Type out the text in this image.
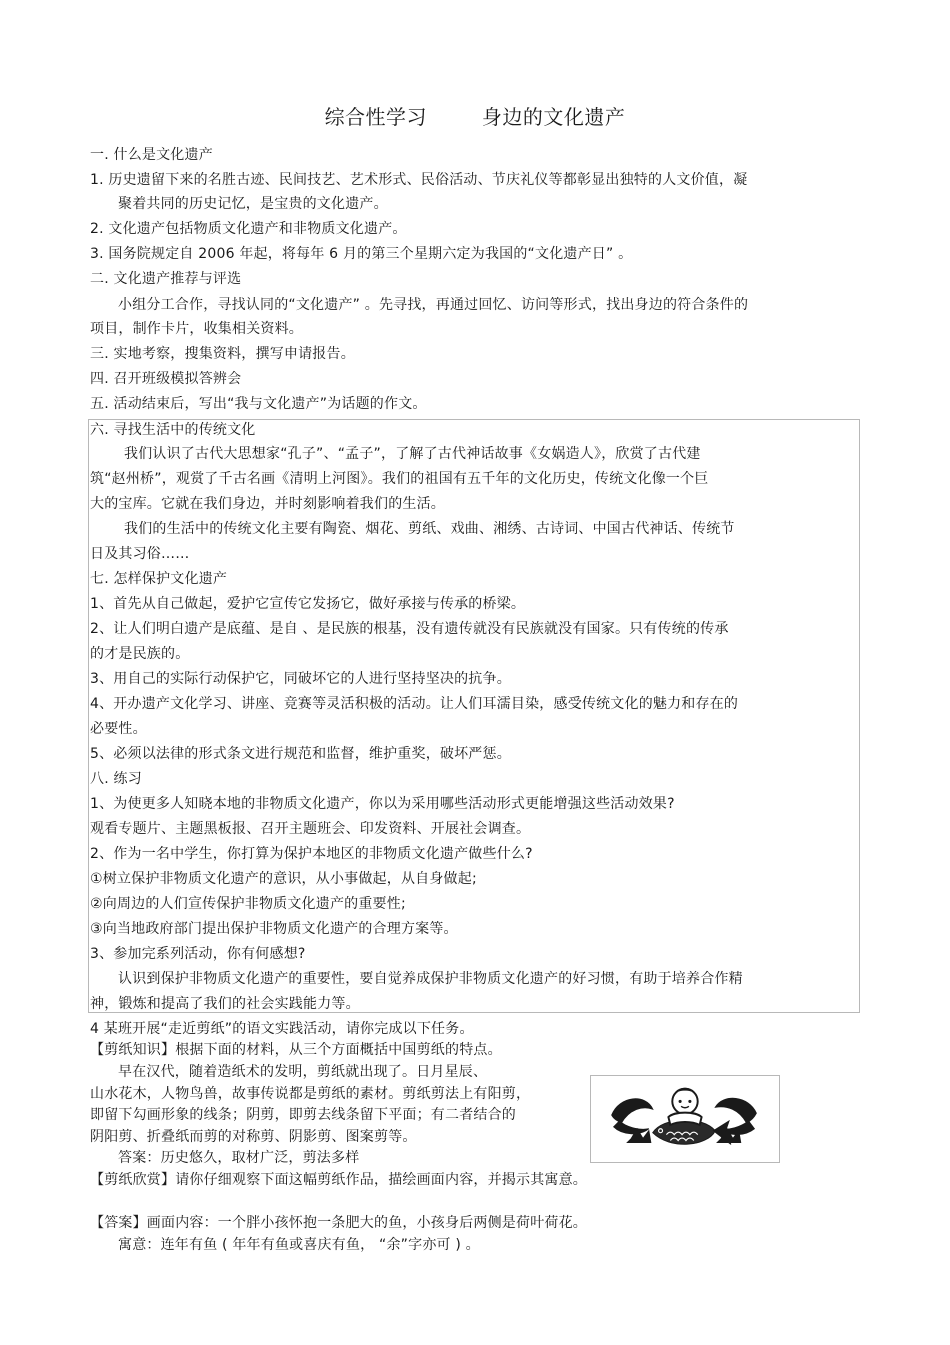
综合性学习        身边的文化遗产
一. 什么是文化遗产
1. 历史遗留下来的名胜古迹、民间技艺、艺术形式、民俗活动、节庆礼仪等都彰显出独特的人文价值，凝
聚着共同的历史记忆，是宝贵的文化遗产。
2. 文化遗产包括物质文化遗产和非物质文化遗产。
3. 国务院规定自 2006 年起，将每年 6 月的第三个星期六定为我国的“文化遗产日” 。
二. 文化遗产推荐与评选
小组分工合作，寻找认同的“文化遗产” 。先寻找，再通过回忆、访问等形式，找出身边的符合条件的
项目，制作卡片，收集相关资料。
三. 实地考察，搜集资料，撰写申请报告。
四. 召开班级模拟答辨会
五. 活动结束后，写出“我与文化遗产”为话题的作文。
六. 寻找生活中的传统文化
我们认识了古代大思想家“孔子”、“孟子”，了解了古代神话故事《女娲造人》，欣赏了古代建
筑“赵州桥”，观赏了千古名画《清明上河图》。我们的祖国有五千年的文化历史，传统文化像一个巨
大的宝库。它就在我们身边，并时刻影响着我们的生活。
我们的生活中的传统文化主要有陶瓷、烟花、剪纸、戏曲、湘绣、古诗词、中国古代神话、传统节
日及其习俗……
七. 怎样保护文化遗产
1、首先从自己做起，爱护它宣传它发扬它，做好承接与传承的桥梁。
2、让人们明白遗产是底蕴、是自 、是民族的根基，没有遗传就没有民族就没有国家。只有传统的传承
的才是民族的。
3、用自己的实际行动保护它，同破坏它的人进行坚持坚决的抗争。
4、开办遗产文化学习、讲座、竞赛等灵活积极的活动。让人们耳濡目染，感受传统文化的魅力和存在的
必要性。
5、必须以法律的形式条文进行规范和监督，维护重奖，破坏严惩。
八. 练习
1、为使更多人知晓本地的非物质文化遗产，你以为采用哪些活动形式更能增强这些活动效果?
观看专题片、主题黑板报、召开主题班会、印发资料、开展社会调查。
2、作为一名中学生，你打算为保护本地区的非物质文化遗产做些什么?
①树立保护非物质文化遗产的意识，从小事做起，从自身做起;
②向周边的人们宣传保护非物质文化遗产的重要性;
③向当地政府部门提出保护非物质文化遗产的合理方案等。
3、参加完系列活动，你有何感想?
认识到保护非物质文化遗产的重要性，要自觉养成保护非物质文化遗产的好习惯，有助于培养合作精
神，锻炼和提高了我们的社会实践能力等。
4 某班开展“走近剪纸”的语文实践活动，请你完成以下任务。
【剪纸知识】根据下面的材料，从三个方面概括中国剪纸的特点。
早在汉代，随着造纸术的发明，剪纸就出现了。日月星辰、
山水花木，人物鸟兽，故事传说都是剪纸的素材。剪纸剪法上有阳剪，
即留下勾画形象的线条；阴剪，即剪去线条留下平面；有二者结合的
阴阳剪、折叠纸而剪的对称剪、阴影剪、图案剪等。
答案：历史悠久，取材广泛，剪法多样
【剪纸欣赏】请你仔细观察下面这幅剪纸作品，描绘画面内容，并揭示其寓意。
【答案】画面内容：一个胖小孩怀抱一条肥大的鱼，小孩身后两侧是荷叶荷花。
寓意：连年有鱼 ( 年年有鱼或喜庆有鱼， “余”字亦可 ) 。
